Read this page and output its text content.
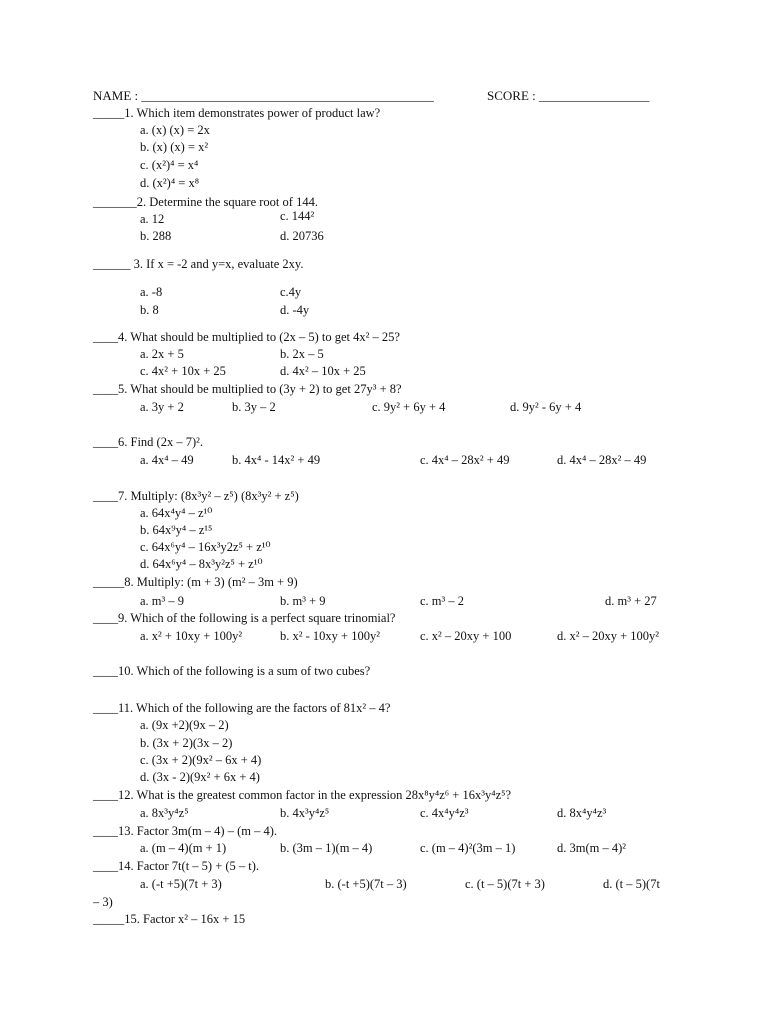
NAME : _____________________________________________	SCORE : _________________
_____1. Which item demonstrates power of product law?
a. (x) (x) = 2x
b. (x) (x) = x²
c. (x²)⁴ = x⁴
d. (x²)⁴ = x⁸
_______2. Determine the square root of 144.
a. 12	c. 144²
b. 288	d. 20736
______ 3. If x = -2 and y=x, evaluate 2xy.
a. -8	c.4y
b. 8	d. -4y
____4. What should be multiplied to (2x – 5) to get 4x² – 25?
a. 2x + 5	b. 2x – 5
c. 4x² + 10x + 25	d. 4x² – 10x + 25
____5. What should be multiplied to (3y + 2) to get 27y³ + 8?
a. 3y + 2	b. 3y – 2	c. 9y² + 6y + 4	d. 9y² - 6y + 4
____6. Find (2x – 7)².
a. 4x⁴ – 49	b. 4x⁴ - 14x² + 49	c. 4x⁴ – 28x² + 49	d. 4x⁴ – 28x² – 49
____7. Multiply: (8x³y² – z⁵) (8x³y² + z⁵)
a. 64x⁴y⁴ – z¹⁰
b. 64x⁹y⁴ – z¹⁵
c. 64x⁶y⁴ – 16x³y2z⁵ + z¹⁰
d. 64x⁶y⁴ – 8x³y²z⁵ + z¹⁰
_____8. Multiply: (m + 3) (m² – 3m + 9)
a. m³ – 9	b. m³ + 9	c. m³ – 2	d. m³ + 27
____9. Which of the following is a perfect square trinomial?
a. x² + 10xy + 100y²	b. x² - 10xy + 100y²	c. x² – 20xy + 100	d. x² – 20xy + 100y²
____10. Which of the following is a sum of two cubes?
____11. Which of the following are the factors of 81x² – 4?
a. (9x +2)(9x – 2)
b. (3x + 2)(3x – 2)
c. (3x + 2)(9x² – 6x + 4)
d. (3x - 2)(9x² + 6x + 4)
____12. What is the greatest common factor in the expression 28x⁸y⁴z⁶ + 16x³y⁴z⁵?
a. 8x³y⁴z⁵	b. 4x³y⁴z⁵	c. 4x⁴y⁴z³	d. 8x⁴y⁴z³
____13. Factor 3m(m – 4) – (m – 4).
a. (m – 4)(m + 1)	b. (3m – 1)(m – 4)	c. (m – 4)²(3m – 1)	d. 3m(m – 4)²
____14. Factor 7t(t – 5) + (5 – t).
a. (-t +5)(7t + 3)	b. (-t +5)(7t – 3)	c. (t – 5)(7t + 3)	d. (t – 5)(7t
– 3)
_____15. Factor x² – 16x + 15
